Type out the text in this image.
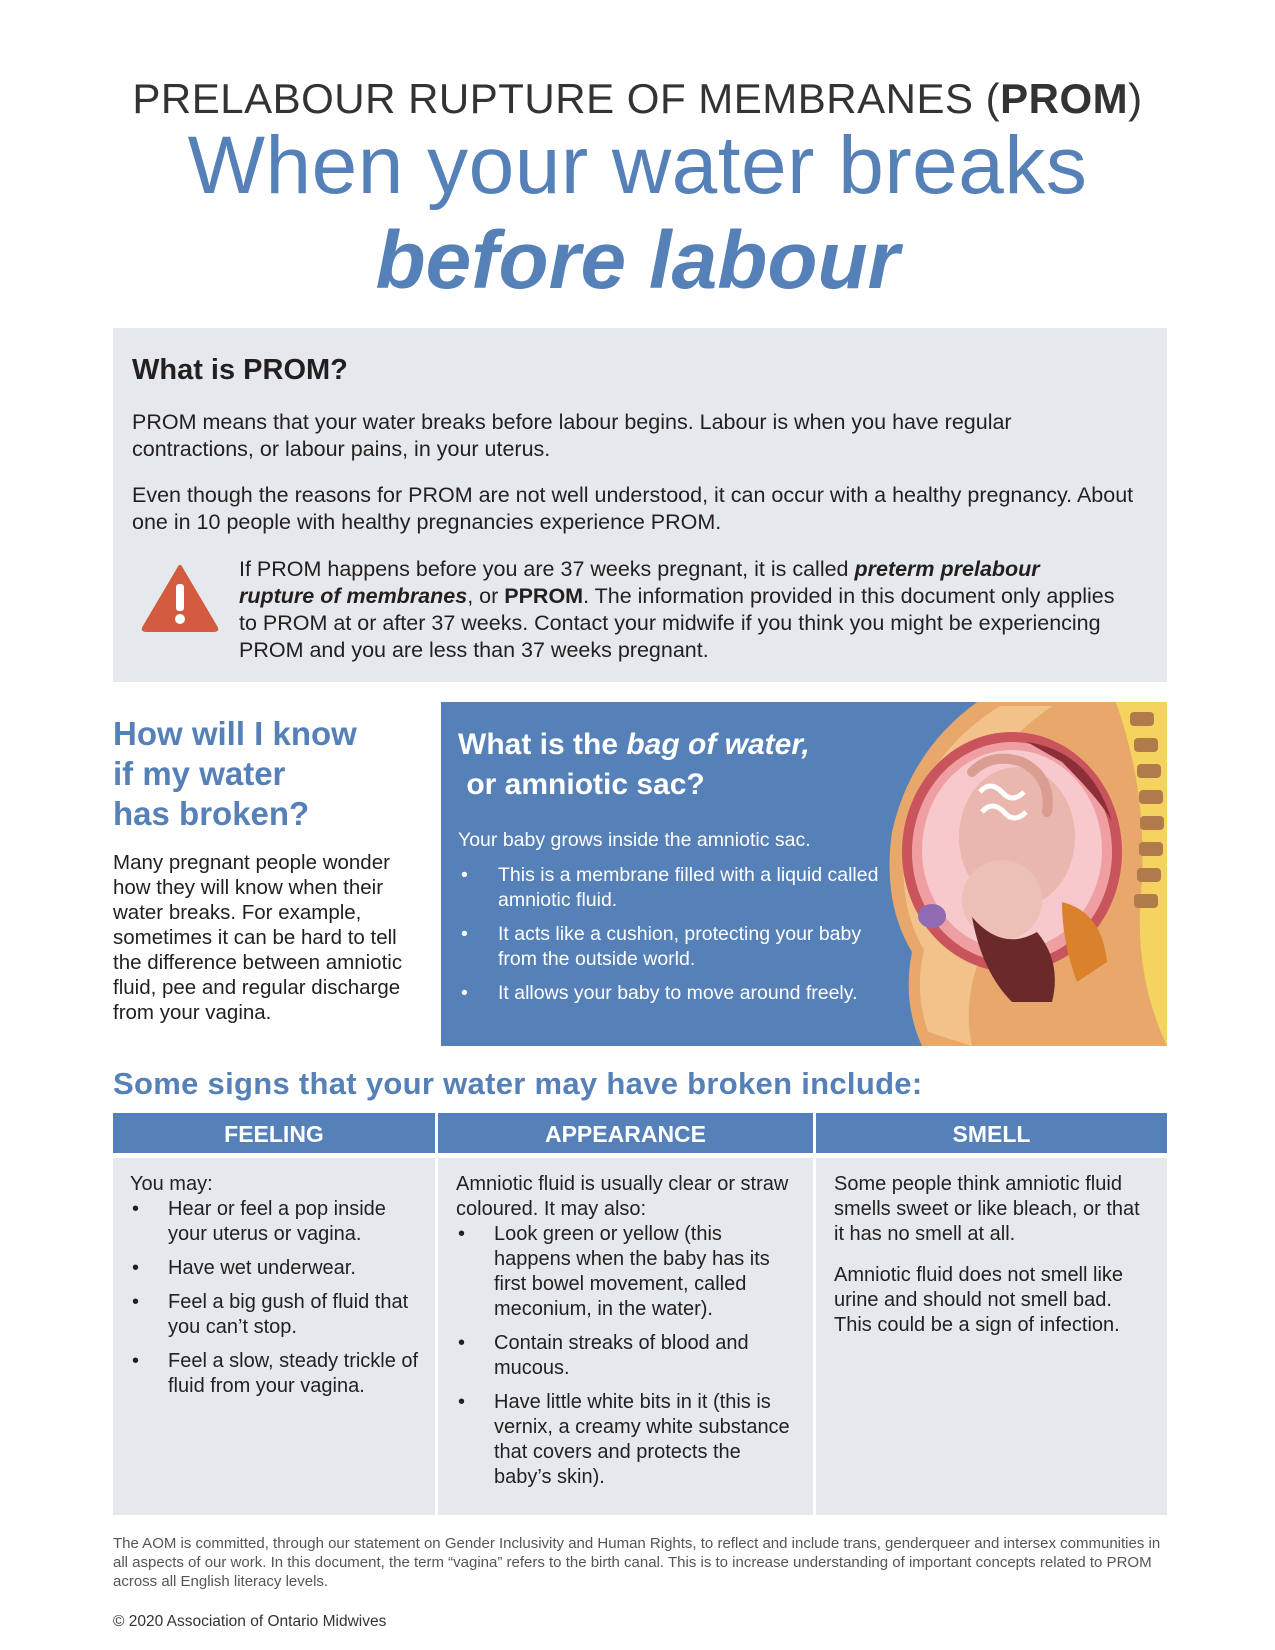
PRELABOUR RUPTURE OF MEMBRANES (PROM)
When your water breaks
before labour
What is PROM?
PROM means that your water breaks before labour begins. Labour is when you have regular contractions, or labour pains, in your uterus.
Even though the reasons for PROM are not well understood, it can occur with a healthy pregnancy. About one in 10 people with healthy pregnancies experience PROM.
If PROM happens before you are 37 weeks pregnant, it is called preterm prelabour rupture of membranes, or PPROM. The information provided in this document only applies to PROM at or after 37 weeks. Contact your midwife if you think you might be experiencing PROM and you are less than 37 weeks pregnant.
How will I know
if my water
has broken?
Many pregnant people wonder how they will know when their water breaks. For example, sometimes it can be hard to tell the difference between amniotic fluid, pee and regular discharge from your vagina.
What is the bag of water,
or amniotic sac?
Your baby grows inside the amniotic sac.
• This is a membrane filled with a liquid called amniotic fluid.
• It acts like a cushion, protecting your baby from the outside world.
• It allows your baby to move around freely.
Some signs that your water may have broken include:
FEELING	APPEARANCE	SMELL
You may:
• Hear or feel a pop inside your uterus or vagina.
• Have wet underwear.
• Feel a big gush of fluid that you can’t stop.
• Feel a slow, steady trickle of fluid from your vagina.
Amniotic fluid is usually clear or straw coloured. It may also:
• Look green or yellow (this happens when the baby has its first bowel movement, called meconium, in the water).
• Contain streaks of blood and mucous.
• Have little white bits in it (this is vernix, a creamy white substance that covers and protects the baby’s skin).
Some people think amniotic fluid smells sweet or like bleach, or that it has no smell at all.
Amniotic fluid does not smell like urine and should not smell bad. This could be a sign of infection.
The AOM is committed, through our statement on Gender Inclusivity and Human Rights, to reflect and include trans, genderqueer and intersex communities in all aspects of our work. In this document, the term “vagina” refers to the birth canal. This is to increase understanding of important concepts related to PROM across all English literacy levels.
© 2020 Association of Ontario Midwives
